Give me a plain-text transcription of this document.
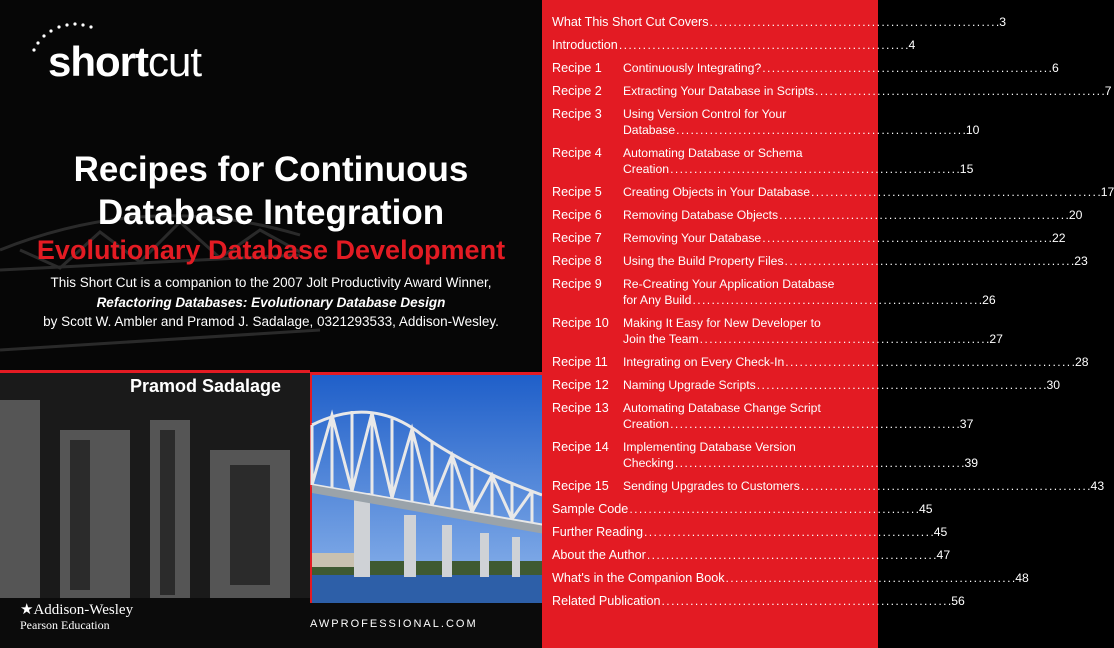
shortcut
Recipes for Continuous
Database Integration
Evolutionary Database Development
This Short Cut is a companion to the 2007 Jolt Productivity Award Winner,
Refactoring Databases: Evolutionary Database Design
by Scott W. Ambler and Pramod J. Sadalage, 0321293533, Addison-Wesley.
Pramod Sadalage
★Addison-Wesley
Pearson Education	AWPROFESSIONAL.COM
What This Short Cut Covers . . .	3
Introduction . . .	4
Recipe 1	Continuously Integrating? . . .	6
Recipe 2	Extracting Your Database in Scripts . . .	7
Recipe 3	Using Version Control for Your
Database . . .	10
Recipe 4	Automating Database or Schema
Creation . . .	15
Recipe 5	Creating Objects in Your Database . . .	17
Recipe 6	Removing Database Objects . . .	20
Recipe 7	Removing Your Database . . .	22
Recipe 8	Using the Build Property Files . . .	23
Recipe 9	Re-Creating Your Application Database
for Any Build . . .	26
Recipe 10	Making It Easy for New Developer to
Join the Team . . .	27
Recipe 11	Integrating on Every Check-In . . .	28
Recipe 12	Naming Upgrade Scripts . . .	30
Recipe 13	Automating Database Change Script
Creation . . .	37
Recipe 14	Implementing Database Version
Checking . . .	39
Recipe 15	Sending Upgrades to Customers . . .	43
Sample Code . . .	45
Further Reading . . .	45
About the Author . . .	47
What's in the Companion Book . . .	48
Related Publication . . .	56
